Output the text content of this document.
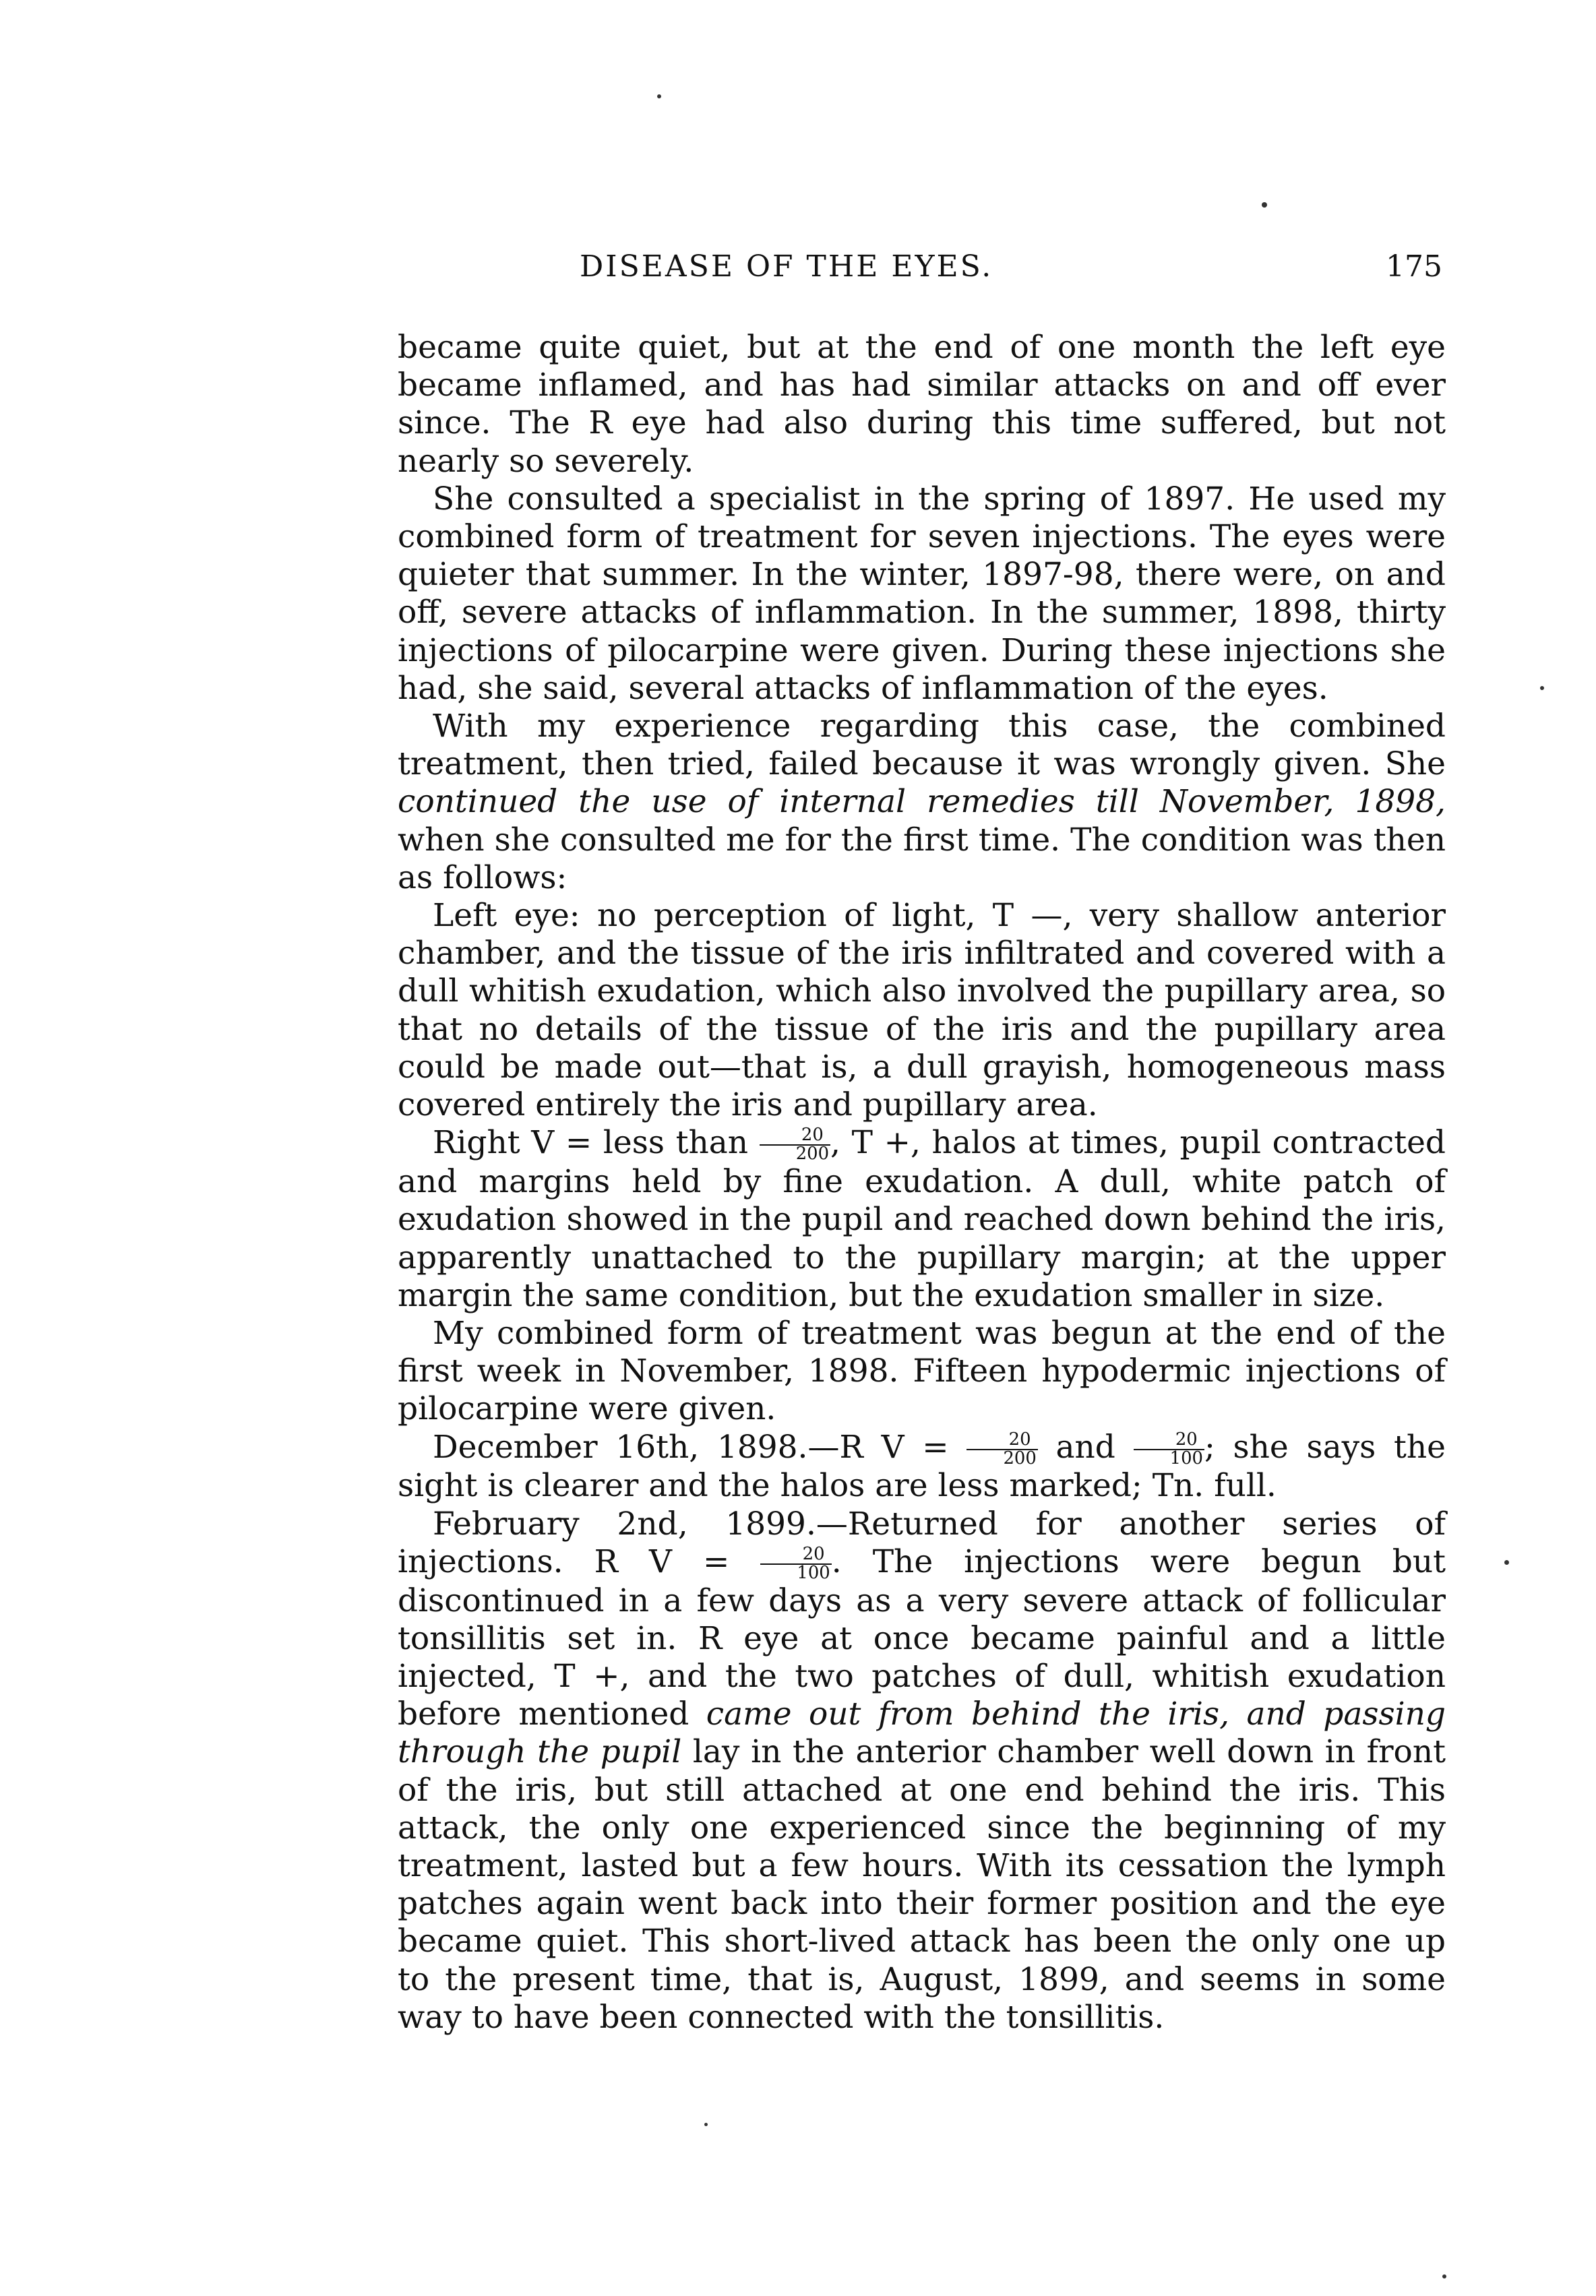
DISEASE OF THE EYES.	175

became quite quiet, but at the end of one month the left eye became inflamed, and has had similar attacks on and off ever since. The R eye had also during this time suffered, but not nearly so severely.

She consulted a specialist in the spring of 1897. He used my combined form of treatment for seven injections. The eyes were quieter that summer. In the winter, 1897-98, there were, on and off, severe attacks of inflammation. In the summer, 1898, thirty injections of pilocarpine were given. During these injections she had, she said, several attacks of inflammation of the eyes.

With my experience regarding this case, the combined treatment, then tried, failed because it was wrongly given. She continued the use of internal remedies till November, 1898, when she consulted me for the first time. The condition was then as follows:

Left eye: no perception of light, T —, very shallow anterior chamber, and the tissue of the iris infiltrated and covered with a dull whitish exudation, which also involved the pupillary area, so that no details of the tissue of the iris and the pupillary area could be made out—that is, a dull grayish, homogeneous mass covered entirely the iris and pupillary area.

Right V = less than $\frac{20}{200}$ , T +, halos at times, pupil contracted and margins held by fine exudation. A dull, white patch of exudation showed in the pupil and reached down behind the iris, apparently unattached to the pupillary margin; at the upper margin the same condition, but the exudation smaller in size.

My combined form of treatment was begun at the end of the first week in November, 1898. Fifteen hypodermic injections of pilocarpine were given.

December 16th, 1898.—R $V = \frac{20}{200}$ and $\frac{20}{100}$ ; she says the sight is clearer and the halos are less marked; Tn. full.

February 2nd, 1899.—Returned for another series of injections. R $V = \frac{20}{100}$ . The injections were begun but discontinued in a few days as a very severe attack of follicular tonsillitis set in. R eye at once became painful and a little injected, T +, and the two patches of dull, whitish exudation before mentioned came out from behind the iris, and passing through the pupil lay in the anterior chamber well down in front of the iris, but still attached at one end behind the iris. This attack, the only one experienced since the beginning of my treatment, lasted but a few hours. With its cessation the lymph patches again went back into their former position and the eye became quiet. This short-lived attack has been the only one up to the present time, that is, August, 1899, and seems in some way to have been connected with the tonsillitis.
